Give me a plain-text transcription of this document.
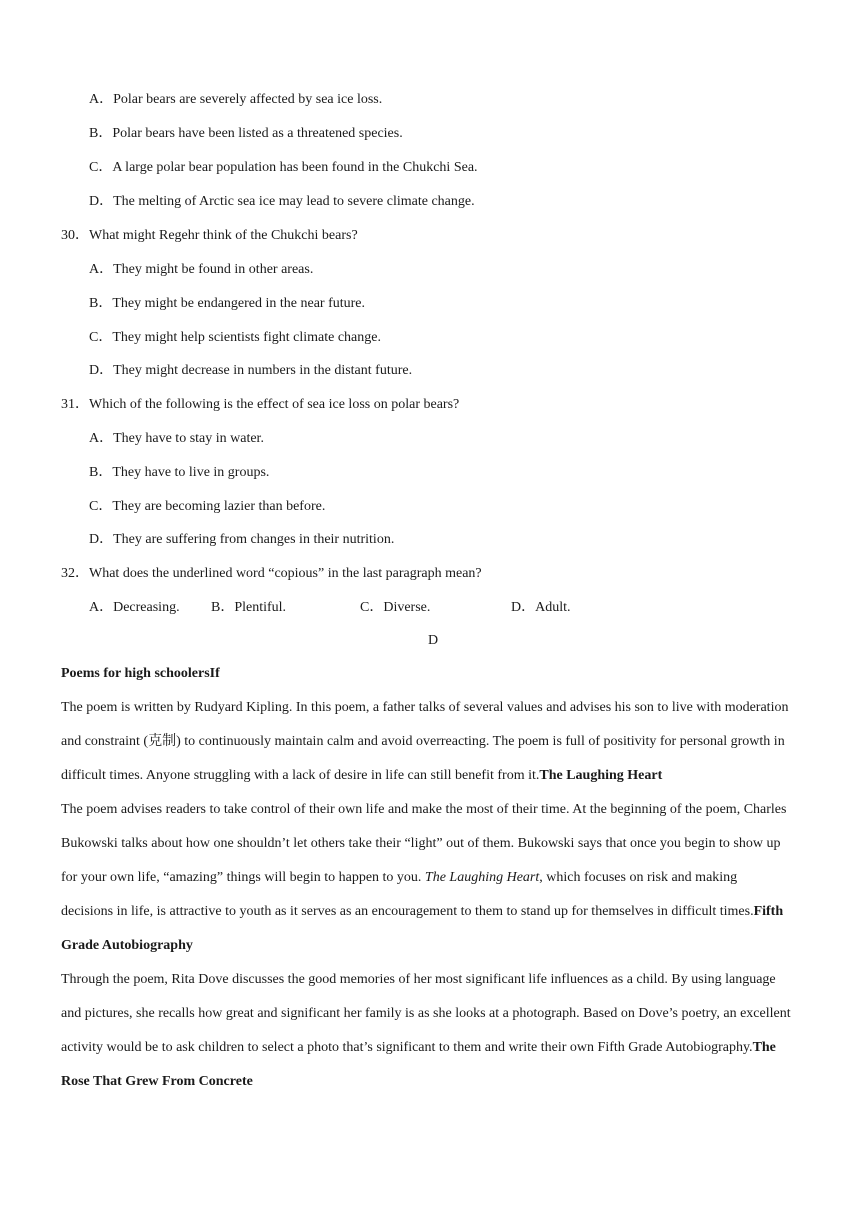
A．Polar bears are severely affected by sea ice loss.
B．Polar bears have been listed as a threatened species.
C．A large polar bear population has been found in the Chukchi Sea.
D．The melting of Arctic sea ice may lead to severe climate change.
30．What might Regehr think of the Chukchi bears?
A．They might be found in other areas.
B．They might be endangered in the near future.
C．They might help scientists fight climate change.
D．They might decrease in numbers in the distant future.
31．Which of the following is the effect of sea ice loss on polar bears?
A．They have to stay in water.
B．They have to live in groups.
C．They are becoming lazier than before.
D．They are suffering from changes in their nutrition.
32．What does the underlined word “copious” in the last paragraph mean?
A．Decreasing. B．Plentiful.	C．Diverse.	D．Adult.
D
Poems for high schoolersIf
The poem is written by Rudyard Kipling. In this poem, a father talks of several values and advises his son to live with moderation and constraint (克制) to continuously maintain calm and avoid overreacting. The poem is full of positivity for personal growth in difficult times. Anyone struggling with a lack of desire in life can still benefit from it.The Laughing Heart
The poem advises readers to take control of their own life and make the most of their time. At the beginning of the poem, Charles Bukowski talks about how one shouldn’t let others take their “light” out of them. Bukowski says that once you begin to show up for your own life, “amazing” things will begin to happen to you. The Laughing Heart, which focuses on risk and making decisions in life, is attractive to youth as it serves as an encouragement to them to stand up for themselves in difficult times.Fifth Grade Autobiography
Through the poem, Rita Dove discusses the good memories of her most significant life influences as a child. By using language and pictures, she recalls how great and significant her family is as she looks at a photograph. Based on Dove’s poetry, an excellent activity would be to ask children to select a photo that’s significant to them and write their own Fifth Grade Autobiography.The Rose That Grew From Concrete
